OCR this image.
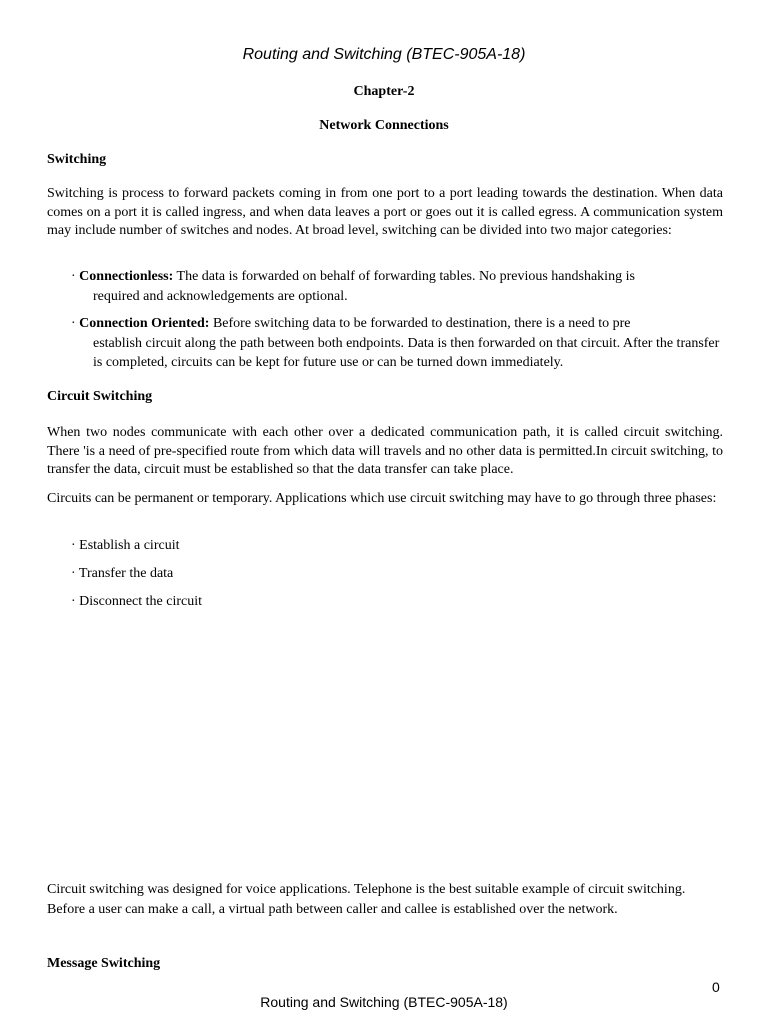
Routing and Switching (BTEC-905A-18)
Chapter-2
Network Connections
Switching
Switching is process to forward packets coming in from one port to a port leading towards the destination. When data comes on a port it is called ingress, and when data leaves a port or goes out it is called egress. A communication system may include number of switches and nodes. At broad level, switching can be divided into two major categories:
· Connectionless: The data is forwarded on behalf of forwarding tables. No previous handshaking is
required and acknowledgements are optional.
· Connection Oriented: Before switching data to be forwarded to destination, there is a need to pre
establish circuit along the path between both endpoints. Data is then forwarded on that circuit. After the transfer is completed, circuits can be kept for future use or can be turned down immediately.
Circuit Switching
When two nodes communicate with each other over a dedicated communication path, it is called circuit switching. There 'is a need of pre-specified route from which data will travels and no other data is permitted.In circuit switching, to transfer the data, circuit must be established so that the data transfer can take place.
Circuits can be permanent or temporary. Applications which use circuit switching may have to go through three phases:
· Establish a circuit
· Transfer the data
· Disconnect the circuit
Circuit switching was designed for voice applications. Telephone is the best suitable example of circuit switching. Before a user can make a call, a virtual path between caller and callee is established over the network.
Message Switching
0
Routing and Switching (BTEC-905A-18)
